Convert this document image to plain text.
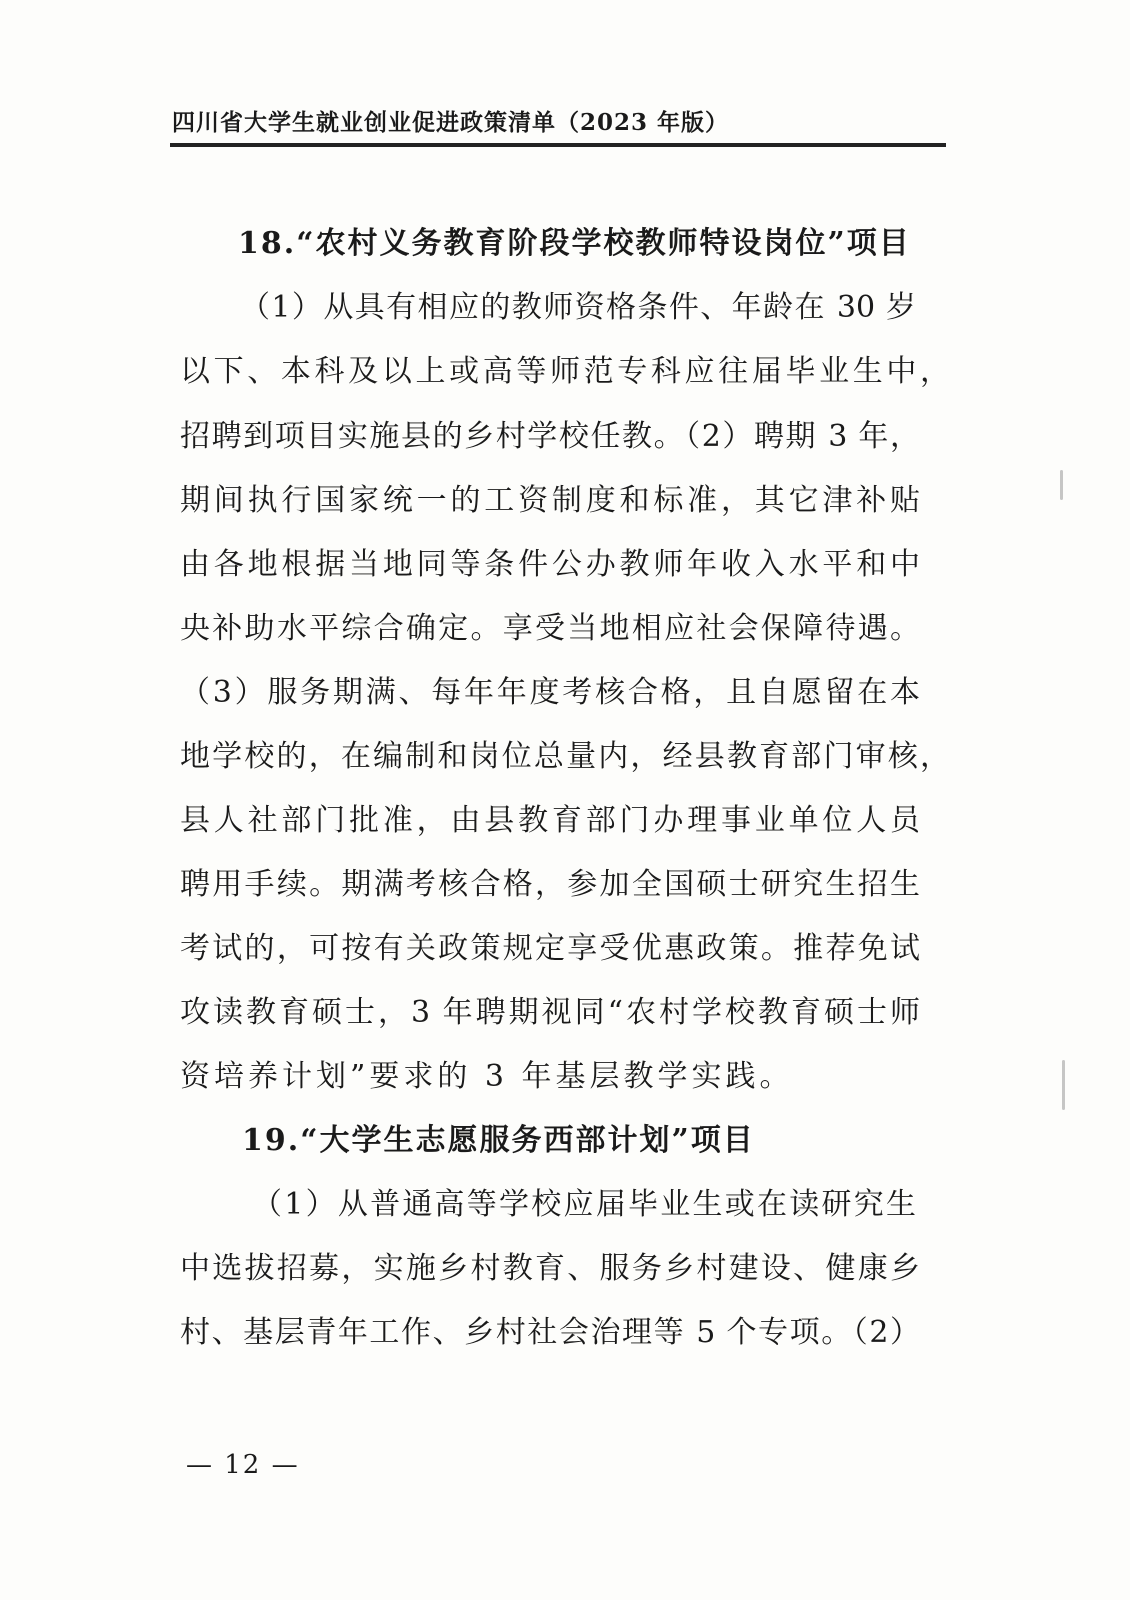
四川省大学生就业创业促进政策清单（2023 年版）
18.“农村义务教育阶段学校教师特设岗位”项目
（1）从具有相应的教师资格条件、年龄在 30 岁
以下、本科及以上或高等师范专科应往届毕业生中，
招聘到项目实施县的乡村学校任教。（2）聘期 3 年，
期间执行国家统一的工资制度和标准，其它津补贴
由各地根据当地同等条件公办教师年收入水平和中
央补助水平综合确定。享受当地相应社会保障待遇。
（3）服务期满、每年年度考核合格，且自愿留在本
地学校的，在编制和岗位总量内，经县教育部门审核，
县人社部门批准，由县教育部门办理事业单位人员
聘用手续。期满考核合格，参加全国硕士研究生招生
考试的，可按有关政策规定享受优惠政策。推荐免试
攻读教育硕士，3 年聘期视同“农村学校教育硕士师
资培养计划”要求的 3 年基层教学实践。
19.“大学生志愿服务西部计划”项目
（1）从普通高等学校应届毕业生或在读研究生
中选拔招募，实施乡村教育、服务乡村建设、健康乡
村、基层青年工作、乡村社会治理等 5 个专项。（2）
— 12 —
